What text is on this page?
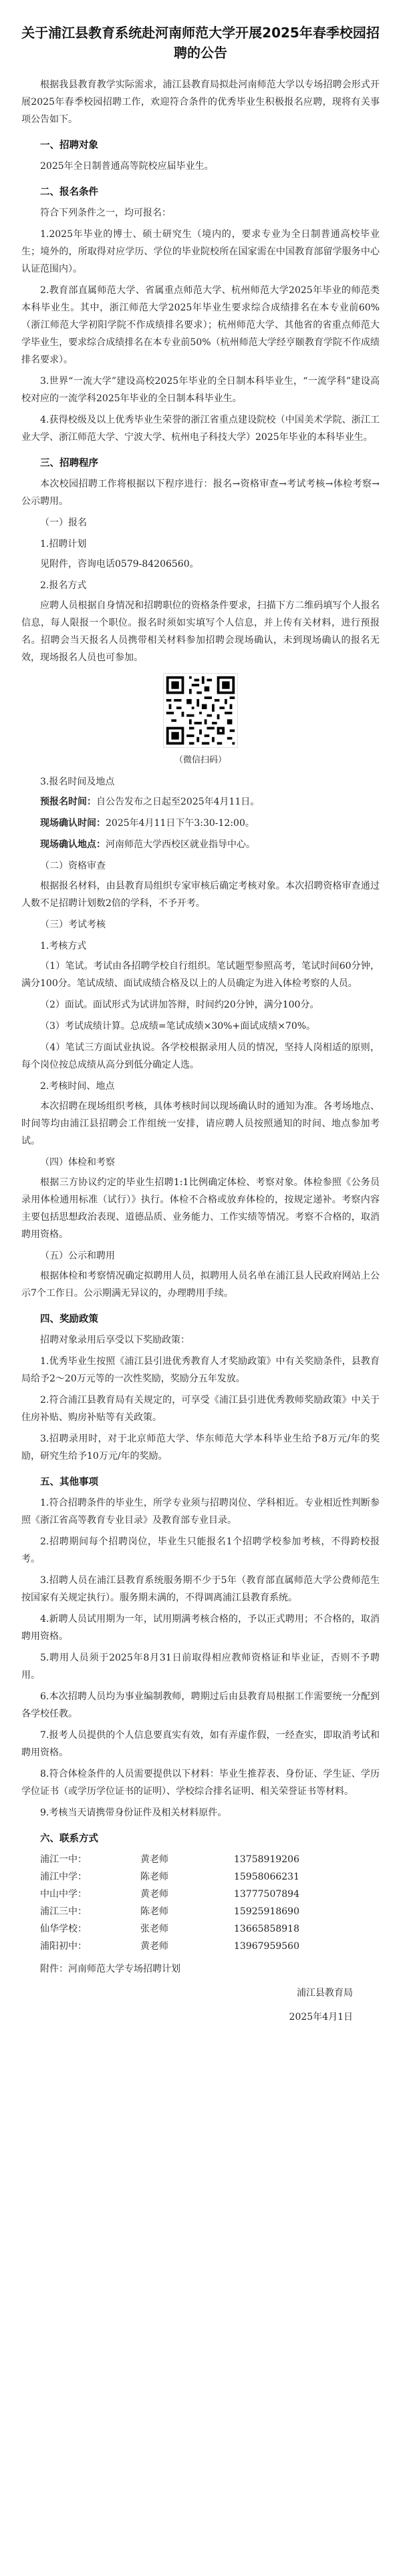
关于浦江县教育系统赴河南师范大学开展2025年春季校园招聘的公告

根据我县教育教学实际需求，浦江县教育局拟赴河南师范大学以专场招聘会形式开展2025年春季校园招聘工作，欢迎符合条件的优秀毕业生积极报名应聘，现将有关事项公告如下。

一、招聘对象

2025年全日制普通高等院校应届毕业生。

二、报名条件

符合下列条件之一，均可报名：

1.2025年毕业的博士、硕士研究生（境内的，要求专业为全日制普通高校毕业生；境外的，所取得对应学历、学位的毕业院校所在国家需在中国教育部留学服务中心认证范围内）。

2.教育部直属师范大学、省属重点师范大学、杭州师范大学2025年毕业的师范类本科毕业生。其中，浙江师范大学2025年毕业生要求综合成绩排名在本专业前60%（浙江师范大学初阳学院不作成绩排名要求）；杭州师范大学、其他省的省重点师范大学毕业生，要求综合成绩排名在本专业前50%（杭州师范大学经亨颐教育学院不作成绩排名要求）。

3.世界“一流大学”建设高校2025年毕业的全日制本科毕业生，“一流学科”建设高校对应的一流学科2025年毕业的全日制本科毕业生。

4.获得校级及以上优秀毕业生荣誉的浙江省重点建设院校（中国美术学院、浙江工业大学、浙江师范大学、宁波大学、杭州电子科技大学）2025年毕业的本科毕业生。

三、招聘程序

本次校园招聘工作将根据以下程序进行：报名→资格审查→考试考核→体检考察→公示聘用。

（一）报名
1.招聘计划

见附件，咨询电话0579-84206560。

2.报名方式

应聘人员根据自身情况和招聘职位的资格条件要求，扫描下方二维码填写个人报名信息，每人限报一个职位。报名时须如实填写个人信息，并上传有关材料，进行预报名。招聘会当天报名人员携带相关材料参加招聘会现场确认，未到现场确认的报名无效，现场报名人员也可参加。

（微信扫码）
3.报名时间及地点

预报名时间：自公告发布之日起至2025年4月11日。

现场确认时间：2025年4月11日下午3:30-12:00。

现场确认地点：河南师范大学西校区就业指导中心。

（二）资格审查

根据报名材料，由县教育局组织专家审核后确定考核对象。本次招聘资格审查通过人数不足招聘计划数2倍的学科，不予开考。

（三）考试考核
1.考核方式

（1）笔试。考试由各招聘学校自行组织。笔试题型参照高考，笔试时间60分钟，满分100分。笔试成绩、面试成绩合格及以上的人员确定为进入体检考察的人员。

（2）面试。面试形式为试讲加答辩，时间约20分钟，满分100分。

（3）考试成绩计算。总成绩=笔试成绩×30%+面试成绩×70%。

（4）笔试三方面试业执说。各学校根据录用人员的情况，坚持人岗相适的原则，每个岗位按总成绩从高分到低分确定人选。

2.考核时间、地点

本次招聘在现场组织考核，具体考核时间以现场确认时的通知为准。各考场地点、时间等均由浦江县招聘会工作组统一安排，请应聘人员按照通知的时间、地点参加考试。

（四）体检和考察

根据三方协议约定的毕业生招聘1:1比例确定体检、考察对象。体检参照《公务员录用体检通用标准（试行）》执行。体检不合格或放弃体检的，按规定递补。考察内容主要包括思想政治表现、道德品质、业务能力、工作实绩等情况。考察不合格的，取消聘用资格。

（五）公示和聘用

根据体检和考察情况确定拟聘用人员，拟聘用人员名单在浦江县人民政府网站上公示7个工作日。公示期满无异议的，办理聘用手续。

四、奖励政策

招聘对象录用后享受以下奖励政策：

1.优秀毕业生按照《浦江县引进优秀教育人才奖励政策》中有关奖励条件，县教育局给予2～20万元等的一次性奖励，奖励分五年发放。

2.符合浦江县教育局有关规定的，可享受《浦江县引进优秀教师奖励政策》中关于住房补贴、购房补贴等有关政策。

3.招聘录用时，对于北京师范大学、华东师范大学本科毕业生给予8万元/年的奖励，研究生给予10万元/年的奖励。

五、其他事项

1.符合招聘条件的毕业生，所学专业须与招聘岗位、学科相近。专业相近性判断参照《浙江省高等教育专业目录》及教育部专业目录。

2.招聘期间每个招聘岗位，毕业生只能报名1个招聘学校参加考核，不得跨校报考。

3.招聘人员在浦江县教育系统服务期不少于5年（教育部直属师范大学公费师范生按国家有关规定执行）。服务期未满的，不得调离浦江县教育系统。

4.新聘人员试用期为一年，试用期满考核合格的，予以正式聘用；不合格的，取消聘用资格。

5.聘用人员须于2025年8月31日前取得相应教师资格证和毕业证，否则不予聘用。

6.本次招聘人员均为事业编制教师，聘期过后由县教育局根据工作需要统一分配到各学校任教。

7.报考人员提供的个人信息要真实有效，如有弄虚作假，一经查实，即取消考试和聘用资格。

8.符合体检条件的人员需要提供以下材料：毕业生推荐表、身份证、学生证、学历学位证书（或学历学位证书的证明）、学校综合排名证明、相关荣誉证书等材料。

9.考核当天请携带身份证件及相关材料原件。

六、联系方式
浦江一中：	黄老师	13758919206
浦江中学：	陈老师	15958066231
中山中学：	黄老师	13777507894
浦江三中：	陈老师	15925918690
仙华学校：	张老师	13665858918
浦阳初中：	黄老师	13967959560

附件：河南师范大学专场招聘计划

浦江县教育局
2025年4月1日
